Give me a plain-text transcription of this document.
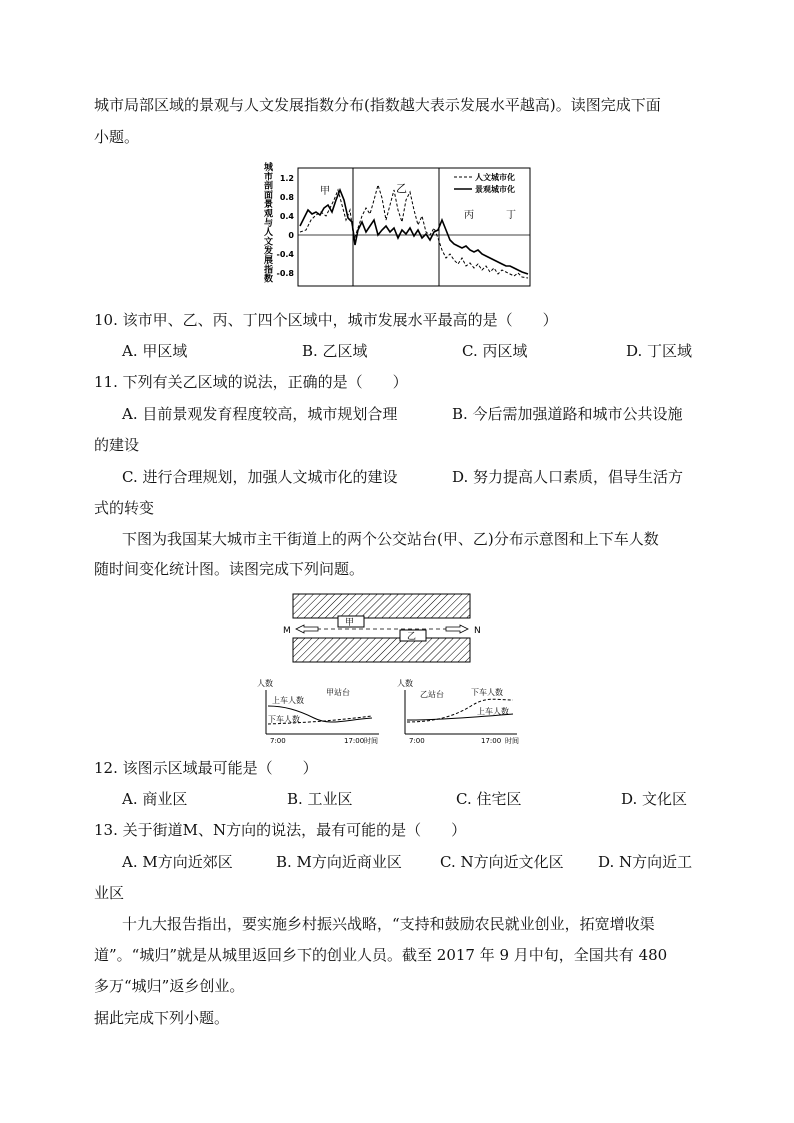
城市局部区域的景观与人文发展指数分布(指数越大表示发展水平越高)。读图完成下面
小题。
城市剖面景观与人文发展指数
1.2
0.8
0.4
0
-0.4
-0.8
甲	乙
丙	丁
人文城市化
景观城市化
10. 该市甲、乙、丙、丁四个区域中，城市发展水平最高的是（　　）
A. 甲区域	B. 乙区域	C. 丙区域	D. 丁区域
11. 下列有关乙区域的说法，正确的是（　　）
A. 目前景观发育程度较高，城市规划合理	B. 今后需加强道路和城市公共设施
的建设
C. 进行合理规划，加强人文城市化的建设	D. 努力提高人口素质，倡导生活方
式的转变
下图为我国某大城市主干街道上的两个公交站台(甲、乙)分布示意图和上下车人数
随时间变化统计图。读图完成下列问题。
甲
乙
M	N
人数
甲站台
上车人数
下车人数
7:00	17:00 时间
人数
乙站台	下车人数
上车人数
7:00	17:00 时间
12. 该图示区域最可能是（　　）
A. 商业区	B. 工业区	C. 住宅区	D. 文化区
13. 关于街道M、N方向的说法，最有可能的是（　　）
A. M方向近郊区	B. M方向近商业区	C. N方向近文化区 D. N方向近工
业区
十九大报告指出，要实施乡村振兴战略，“支持和鼓励农民就业创业，拓宽增收渠
道”。“城归”就是从城里返回乡下的创业人员。截至 2017 年 9 月中旬，全国共有 480
多万“城归”返乡创业。
据此完成下列小题。
